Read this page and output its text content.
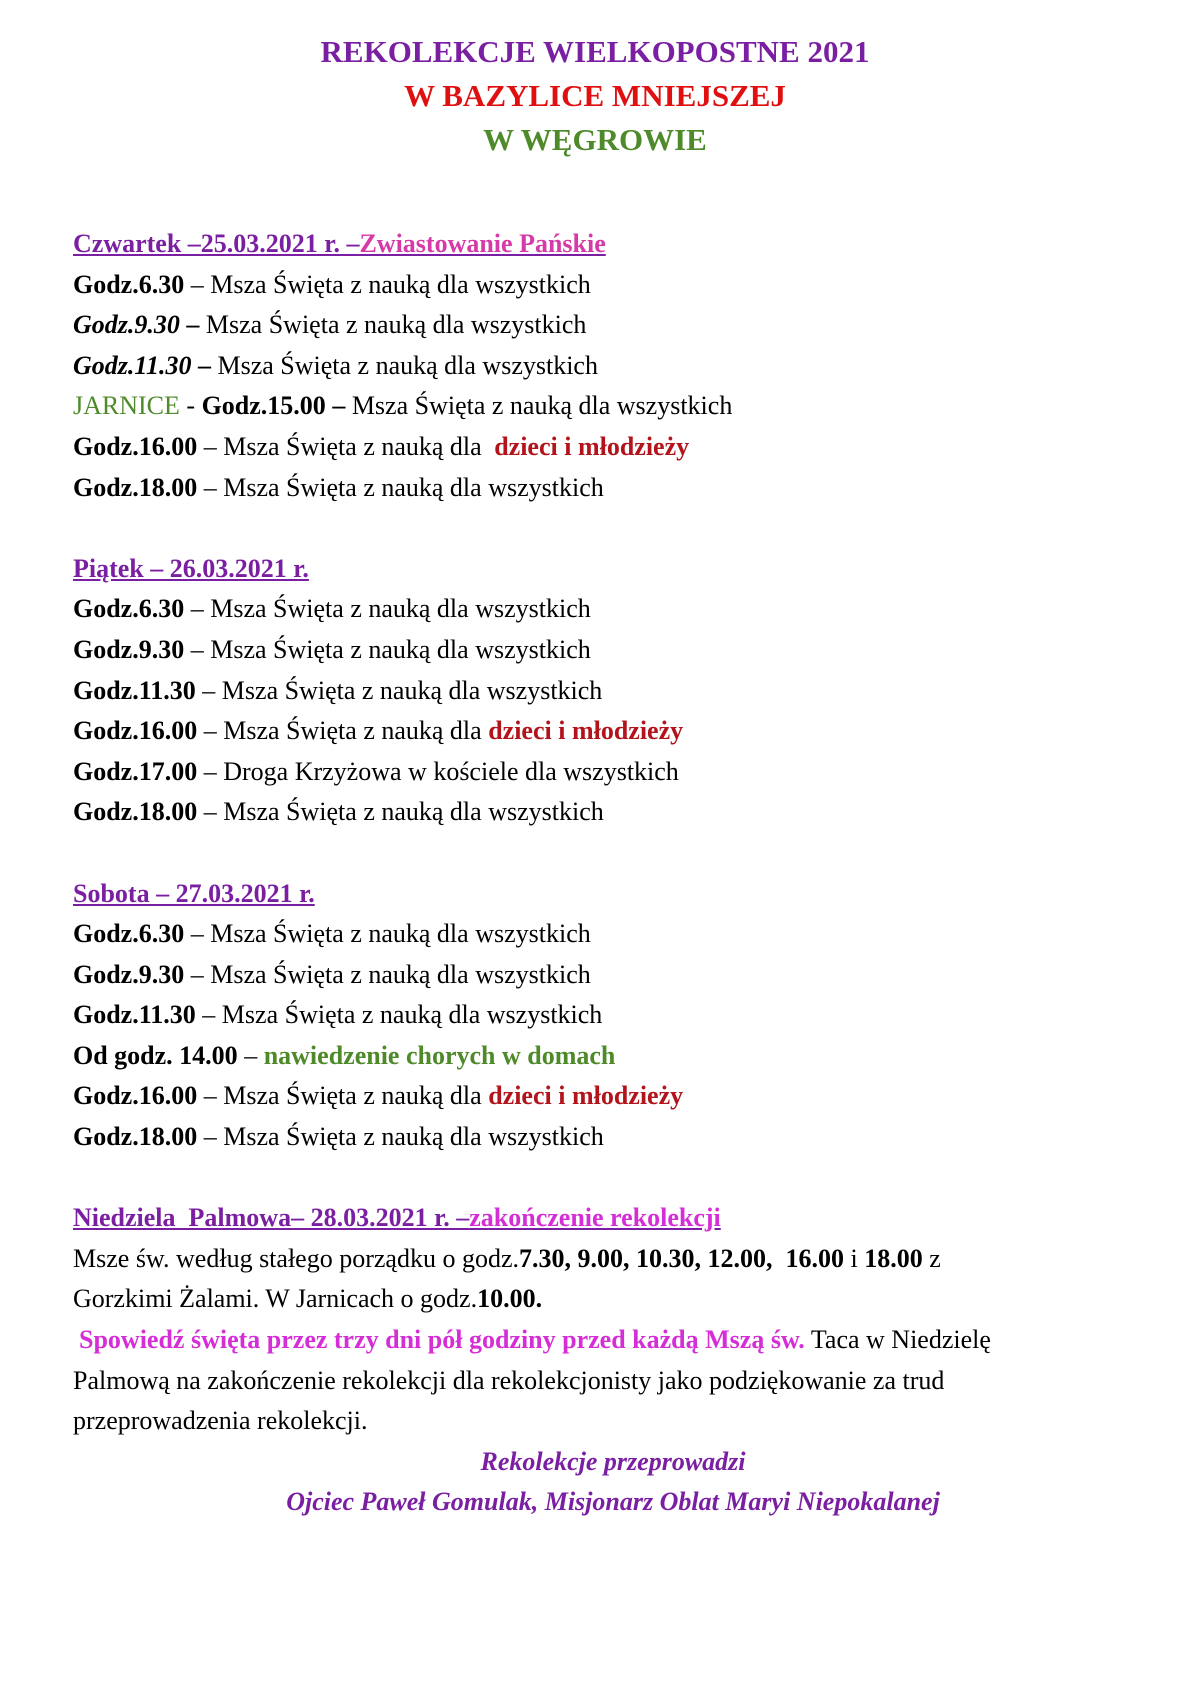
REKOLEKCJE WIELKOPOSTNE 2021

W BAZYLICE MNIEJSZEJ

W WĘGROWIE

Czwartek –25.03.2021 r. –Zwiastowanie Pańskie
Godz.6.30 – Msza Święta z nauką dla wszystkich
Godz.9.30 – Msza Święta z nauką dla wszystkich
Godz.11.30 – Msza Święta z nauką dla wszystkich
JARNICE - Godz.15.00 – Msza Święta z nauką dla wszystkich
Godz.16.00 – Msza Święta z nauką dla dzieci i młodzieży
Godz.18.00 – Msza Święta z nauką dla wszystkich
Piątek – 26.03.2021 r.
Godz.6.30 – Msza Święta z nauką dla wszystkich
Godz.9.30 – Msza Święta z nauką dla wszystkich
Godz.11.30 – Msza Święta z nauką dla wszystkich
Godz.16.00 – Msza Święta z nauką dla dzieci i młodzieży
Godz.17.00 – Droga Krzyżowa w kościele dla wszystkich
Godz.18.00 – Msza Święta z nauką dla wszystkich
Sobota – 27.03.2021 r.
Godz.6.30 – Msza Święta z nauką dla wszystkich
Godz.9.30 – Msza Święta z nauką dla wszystkich
Godz.11.30 – Msza Święta z nauką dla wszystkich
Od godz. 14.00 – nawiedzenie chorych w domach
Godz.16.00 – Msza Święta z nauką dla dzieci i młodzieży
Godz.18.00 – Msza Święta z nauką dla wszystkich
Niedziela  Palmowa– 28.03.2021 r. –zakończenie rekolekcji
Msze św. według stałego porządku o godz.7.30, 9.00, 10.30, 12.00,  16.00 i 18.00 z
Gorzkimi Żalami. W Jarnicach o godz.10.00.
Spowiedź święta przez trzy dni pół godziny przed każdą Mszą św. Taca w Niedzielę
Palmową na zakończenie rekolekcji dla rekolekcjonisty jako podziękowanie za trud
przeprowadzenia rekolekcji.
Rekolekcje przeprowadzi
Ojciec Paweł Gomulak, Misjonarz Oblat Maryi Niepokalanej
